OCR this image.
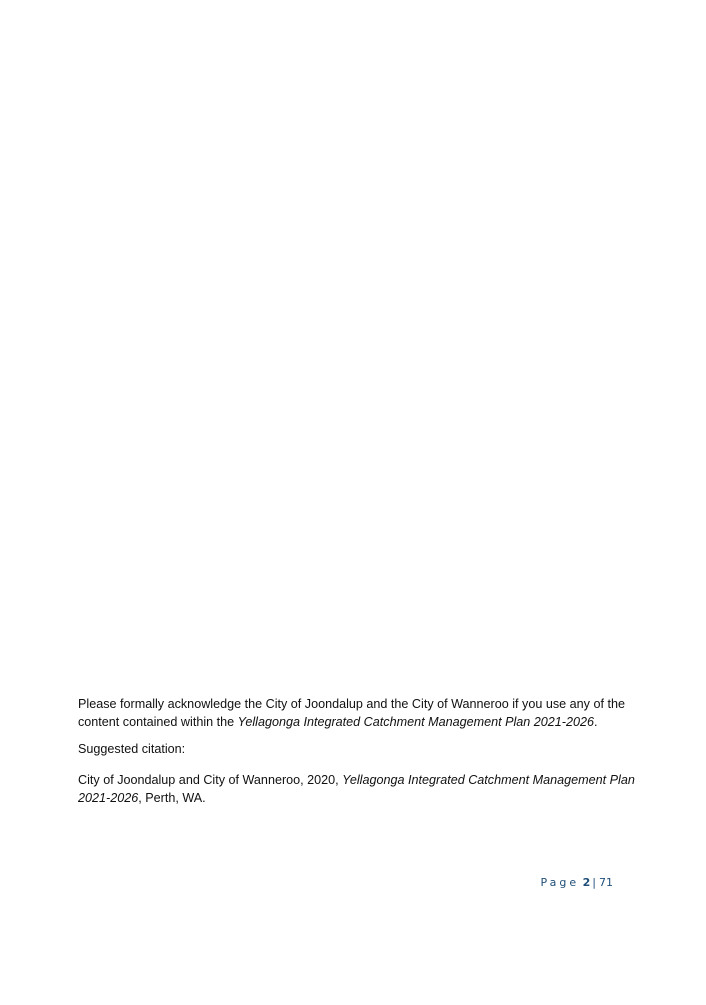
Please formally acknowledge the City of Joondalup and the City of Wanneroo if you use any of the content contained within the Yellagonga Integrated Catchment Management Plan 2021-2026.

Suggested citation:

City of Joondalup and City of Wanneroo, 2020, Yellagonga Integrated Catchment Management Plan 2021-2026, Perth, WA.

Page 2 | 71
